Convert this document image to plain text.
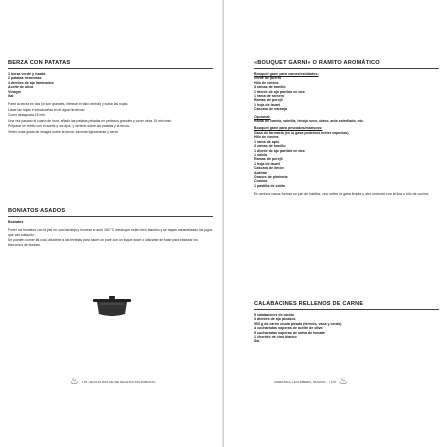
BERZA CON PATATAS
1 berza verde y rizada
2 patatas hermosas
4 dientes de ajo laminados
Aceite de oliva
Vinagre
Sal

Partir la berza en dos (si son grandes, eliminar el tallo central) y soltar las hojas.

Lavar las hojas e introducirlas en el agua hirviendo.

Cocer destapada 15 min.

Una vez pasado el cuarto de hora, añadir las patatas peladas en pedazos grandes y cocer otros 15 min más.

Preparar un refrito con el aceite y los ajos, y verterlo sobre las patatas y la berza.

Verter unas gotas de vinagre sobre la berza, sazonar ligeramente y servir.

BONIATOS ASADOS
Boniatos

Poner los boniatos con la piel en una bandeja y hornear a unos 180 °C hasta que estén bien blandos y se hayan caramelizado los jugos que van soltando.

Se pueden comer tal cual, añadirse a las lentejas para hacer un puré con un toque dulce o utilizarse de base para elaborar los bizcochos de boniato.

♨ 178 • MUCHO MÁS DE 999 RECETAS SIN ROBADAS
«BOUQUET GARNI» O RAMITO AROMÁTICO
Bouquet garni para carnes/estofados:
Verde de puerro
Hilo de cocina
3 ramas de tomillo
1 diente de ajo partido en dos
1 rama de romero
Ramas de perejil
1 hoja de laurel
Cáscara de naranja
Opcional:
Rama de canela, vainilla, hinojo seco, clavo, anís estrellado, etc.
Bouquet garni para pescados/mariscos:
Gasa de farmacia (en la gasa podemos meter especias)
Hilo de cocina
1 rama de apio
3 ramas de tomillo
1 diente de ajo partido en dos
1 salvia
Ramas de perejil
1 hoja de laurel
Cáscara de limón
Azafrán
Granos de pimienta
Comino
1 pastilla de caldo
En ambos casos formar un par de hatillos, uno sobre la gasa limpia y otro uniendo con la liza o hilo de cocina.
CALABACINES RELLENOS DE CARNE
5 calabacines de ración
3 dientes de ajo picados
500 g de carne cruda picada (ternera, vaca y cerdo)
4 cucharadas soperas de aceite de oliva
5 cucharadas soperas de salsa de tomate
1 chorrito de vino blanco
Sal
VERDURAS, LEGUMBRES, PATATAS... • 179 ♨
